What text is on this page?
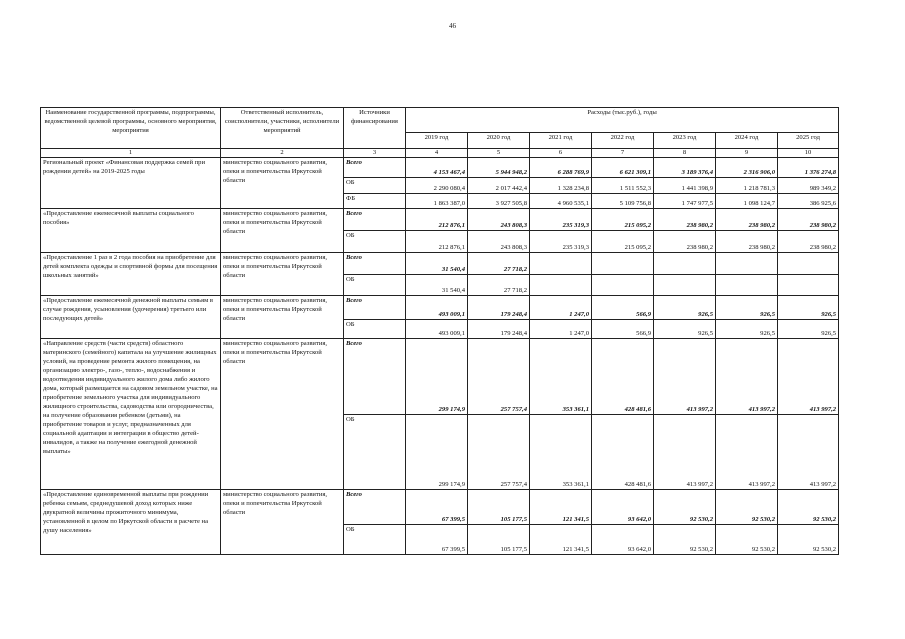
46
Наименование государственной программы, подпрограммы, ведомственной целевой программы, основного мероприятия, мероприятия	Ответственный исполнитель, соисполнители, участники, исполнители мероприятий	Источники финансирования	Расходы (тыс.руб.), годы						
			2019 год	2020 год	2021 год	2022 год	2023 год	2024 год	2025 год
1	2	3	4	5	6	7	8	9	10
Региональный проект «Финансовая поддержка семей при рождении детей» на 2019-2025 годы	министерство социального развития, опеки и попечительства Иркутской области	Всего	4 153 467,4	5 944 948,2	6 288 769,9	6 621 309,1	3 189 376,4	2 316 906,0	1 376 274,8
		ОБ	2 290 080,4	2 017 442,4	1 328 234,8	1 511 552,3	1 441 398,9	1 218 781,3	989 349,2
		ФБ	1 863 387,0	3 927 505,8	4 960 535,1	5 109 756,8	1 747 977,5	1 098 124,7	386 925,6
«Предоставление ежемесячной выплаты социального пособия»	министерство социального развития, опеки и попечительства Иркутской области	Всего	212 876,1	243 808,3	235 319,3	215 095,2	238 980,2	238 980,2	238 980,2
		ОБ	212 876,1	243 808,3	235 319,3	215 095,2	238 980,2	238 980,2	238 980,2
«Предоставление 1 раз в 2 года пособия на приобретение для детей комплекта одежды и спортивной формы для посещения школьных занятий»	министерство социального развития, опеки и попечительства Иркутской области	Всего	31 540,4	27 718,2					
		ОБ	31 540,4	27 718,2					
«Предоставление ежемесячной денежной выплаты семьям в случае рождения, усыновления (удочерения) третьего или последующих детей»	министерство социального развития, опеки и попечительства Иркутской области	Всего	493 009,1	179 248,4	1 247,0	566,9	926,5	926,5	926,5
		ОБ	493 009,1	179 248,4	1 247,0	566,9	926,5	926,5	926,5
«Направление средств (части средств) областного материнского (семейного) капитала на улучшение жилищных условий, на проведение ремонта жилого помещения, на организацию электро-, газо-, тепло-, водоснабжения и водоотведения индивидуального жилого дома либо жилого дома, который размещается на садовом земельном участке, на приобретение земельного участка для индивидуального жилищного строительства, садоводства или огородничества, на получение образования ребенком (детьми), на приобретение товаров и услуг, предназначенных для социальной адаптации и интеграции в общество детей-инвалидов, а также на получение ежегодной денежной выплаты»	министерство социального развития, опеки и попечительства Иркутской области	Всего	299 174,9	257 757,4	353 361,1	428 481,6	413 997,2	413 997,2	413 997,2
		ОБ	299 174,9	257 757,4	353 361,1	428 481,6	413 997,2	413 997,2	413 997,2
«Предоставление единовременной выплаты при рождении ребенка семьям, среднедушевой доход которых ниже двукратной величины прожиточного минимума, установленной в целом по Иркутской области в расчете на душу населения»	министерство социального развития, опеки и попечительства Иркутской области	Всего	67 399,5	105 177,5	121 341,5	93 642,0	92 530,2	92 530,2	92 530,2
		ОБ	67 399,5	105 177,5	121 341,5	93 642,0	92 530,2	92 530,2	92 530,2
